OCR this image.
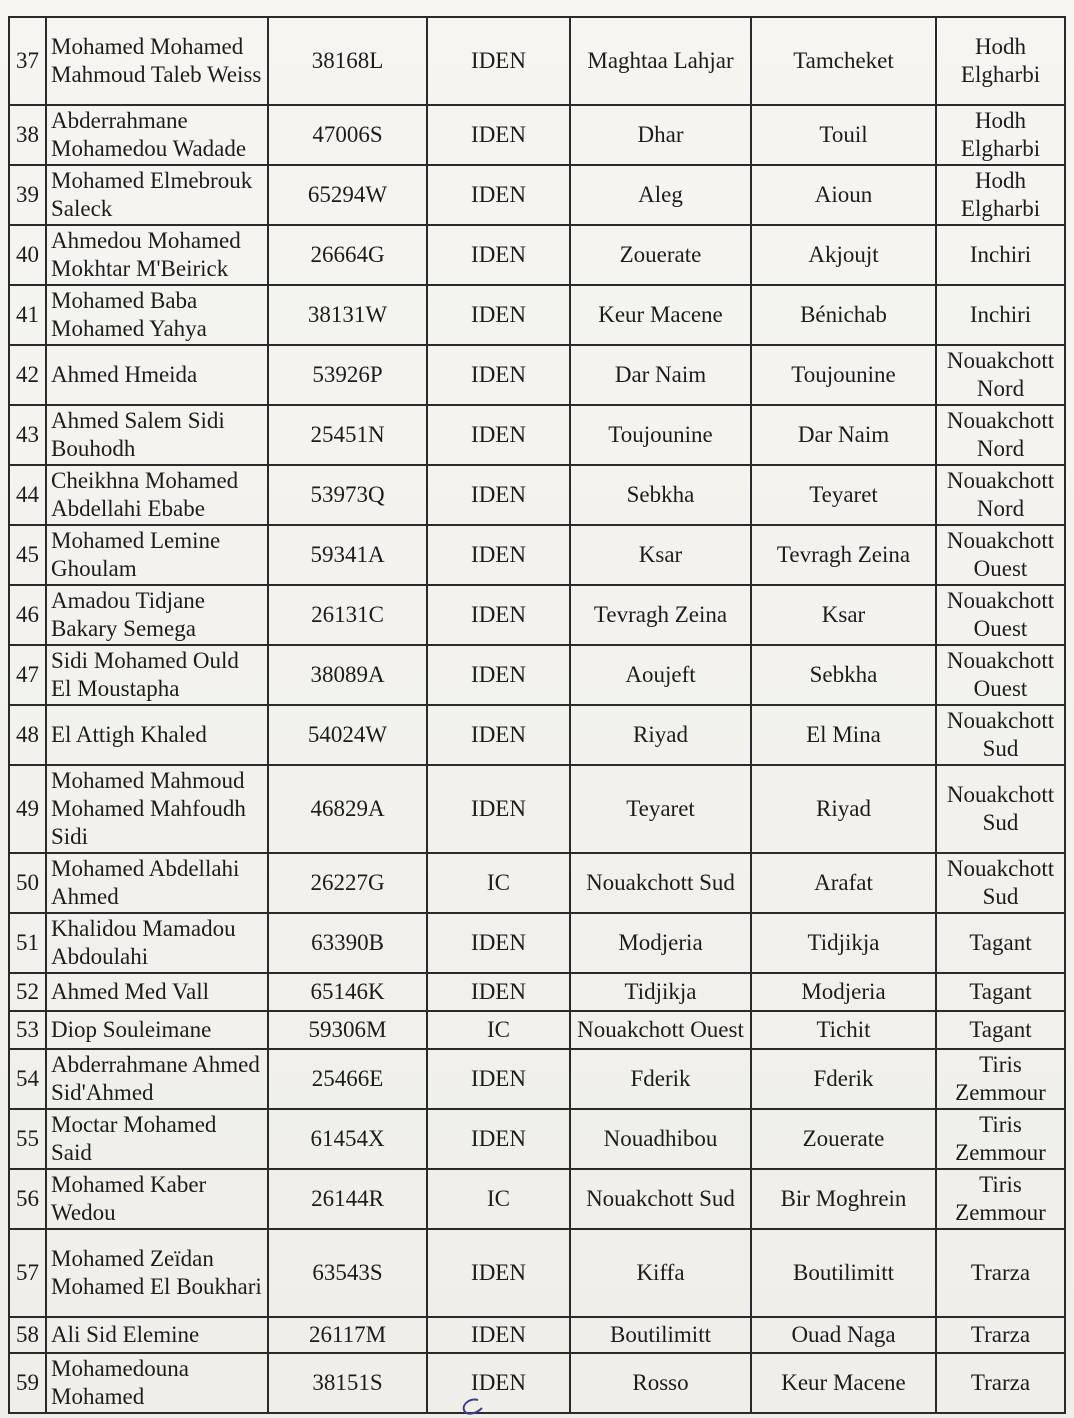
37	Mohamed Mohamed Mahmoud Taleb Weiss	38168L	IDEN	Maghtaa Lahjar	Tamcheket	Hodh Elgharbi
38	Abderrahmane Mohamedou Wadade	47006S	IDEN	Dhar	Touil	Hodh Elgharbi
39	Mohamed Elmebrouk Saleck	65294W	IDEN	Aleg	Aioun	Hodh Elgharbi
40	Ahmedou Mohamed Mokhtar M'Beirick	26664G	IDEN	Zouerate	Akjoujt	Inchiri
41	Mohamed Baba Mohamed Yahya	38131W	IDEN	Keur Macene	Bénichab	Inchiri
42	Ahmed Hmeida	53926P	IDEN	Dar Naim	Toujounine	Nouakchott Nord
43	Ahmed Salem Sidi Bouhodh	25451N	IDEN	Toujounine	Dar Naim	Nouakchott Nord
44	Cheikhna Mohamed Abdellahi Ebabe	53973Q	IDEN	Sebkha	Teyaret	Nouakchott Nord
45	Mohamed Lemine Ghoulam	59341A	IDEN	Ksar	Tevragh Zeina	Nouakchott Ouest
46	Amadou Tidjane Bakary Semega	26131C	IDEN	Tevragh Zeina	Ksar	Nouakchott Ouest
47	Sidi Mohamed Ould El Moustapha	38089A	IDEN	Aoujeft	Sebkha	Nouakchott Ouest
48	El Attigh Khaled	54024W	IDEN	Riyad	El Mina	Nouakchott Sud
49	Mohamed Mahmoud Mohamed Mahfoudh Sidi	46829A	IDEN	Teyaret	Riyad	Nouakchott Sud
50	Mohamed Abdellahi Ahmed	26227G	IC	Nouakchott Sud	Arafat	Nouakchott Sud
51	Khalidou Mamadou Abdoulahi	63390B	IDEN	Modjeria	Tidjikja	Tagant
52	Ahmed Med Vall	65146K	IDEN	Tidjikja	Modjeria	Tagant
53	Diop Souleimane	59306M	IC	Nouakchott Ouest	Tichit	Tagant
54	Abderrahmane Ahmed Sid'Ahmed	25466E	IDEN	Fderik	Fderik	Tiris Zemmour
55	Moctar Mohamed Said	61454X	IDEN	Nouadhibou	Zouerate	Tiris Zemmour
56	Mohamed Kaber Wedou	26144R	IC	Nouakchott Sud	Bir Moghrein	Tiris Zemmour
57	Mohamed Zeïdan Mohamed El Boukhari	63543S	IDEN	Kiffa	Boutilimitt	Trarza
58	Ali Sid Elemine	26117M	IDEN	Boutilimitt	Ouad Naga	Trarza
59	Mohamedouna Mohamed	38151S	IDEN	Rosso	Keur Macene	Trarza
